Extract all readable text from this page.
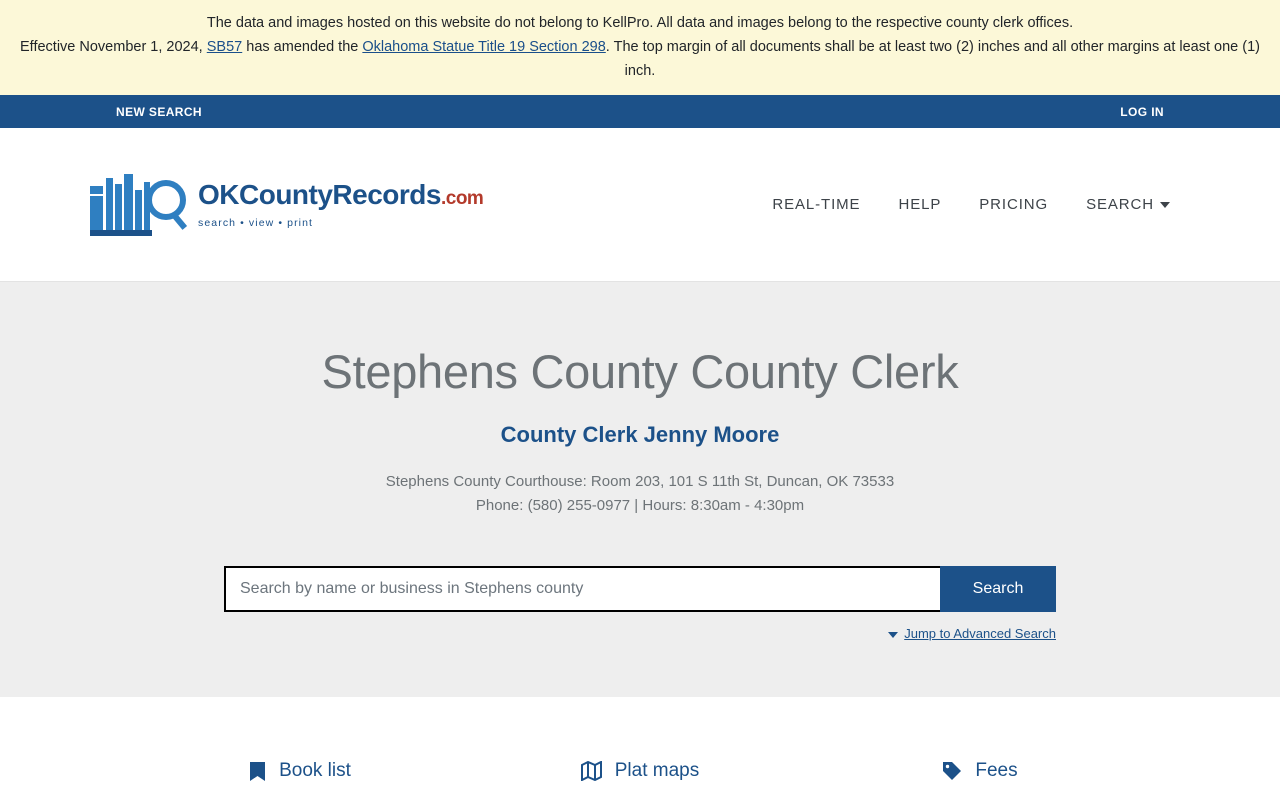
The data and images hosted on this website do not belong to KellPro. All data and images belong to the respective county clerk offices.
Effective November 1, 2024, SB57 has amended the Oklahoma Statue Title 19 Section 298. The top margin of all documents shall be at least two (2) inches and all other margins at least one (1) inch.
NEW SEARCH	LOG IN
OKCountyRecords.com
search • view • print
REAL-TIME	HELP	PRICING	SEARCH
Stephens County County Clerk
County Clerk Jenny Moore
Stephens County Courthouse: Room 203, 101 S 11th St, Duncan, OK 73533
Phone: (580) 255-0977 | Hours: 8:30am - 4:30pm
Search by name or business in Stephens county
Search
Jump to Advanced Search
Book list	Plat maps	Fees
